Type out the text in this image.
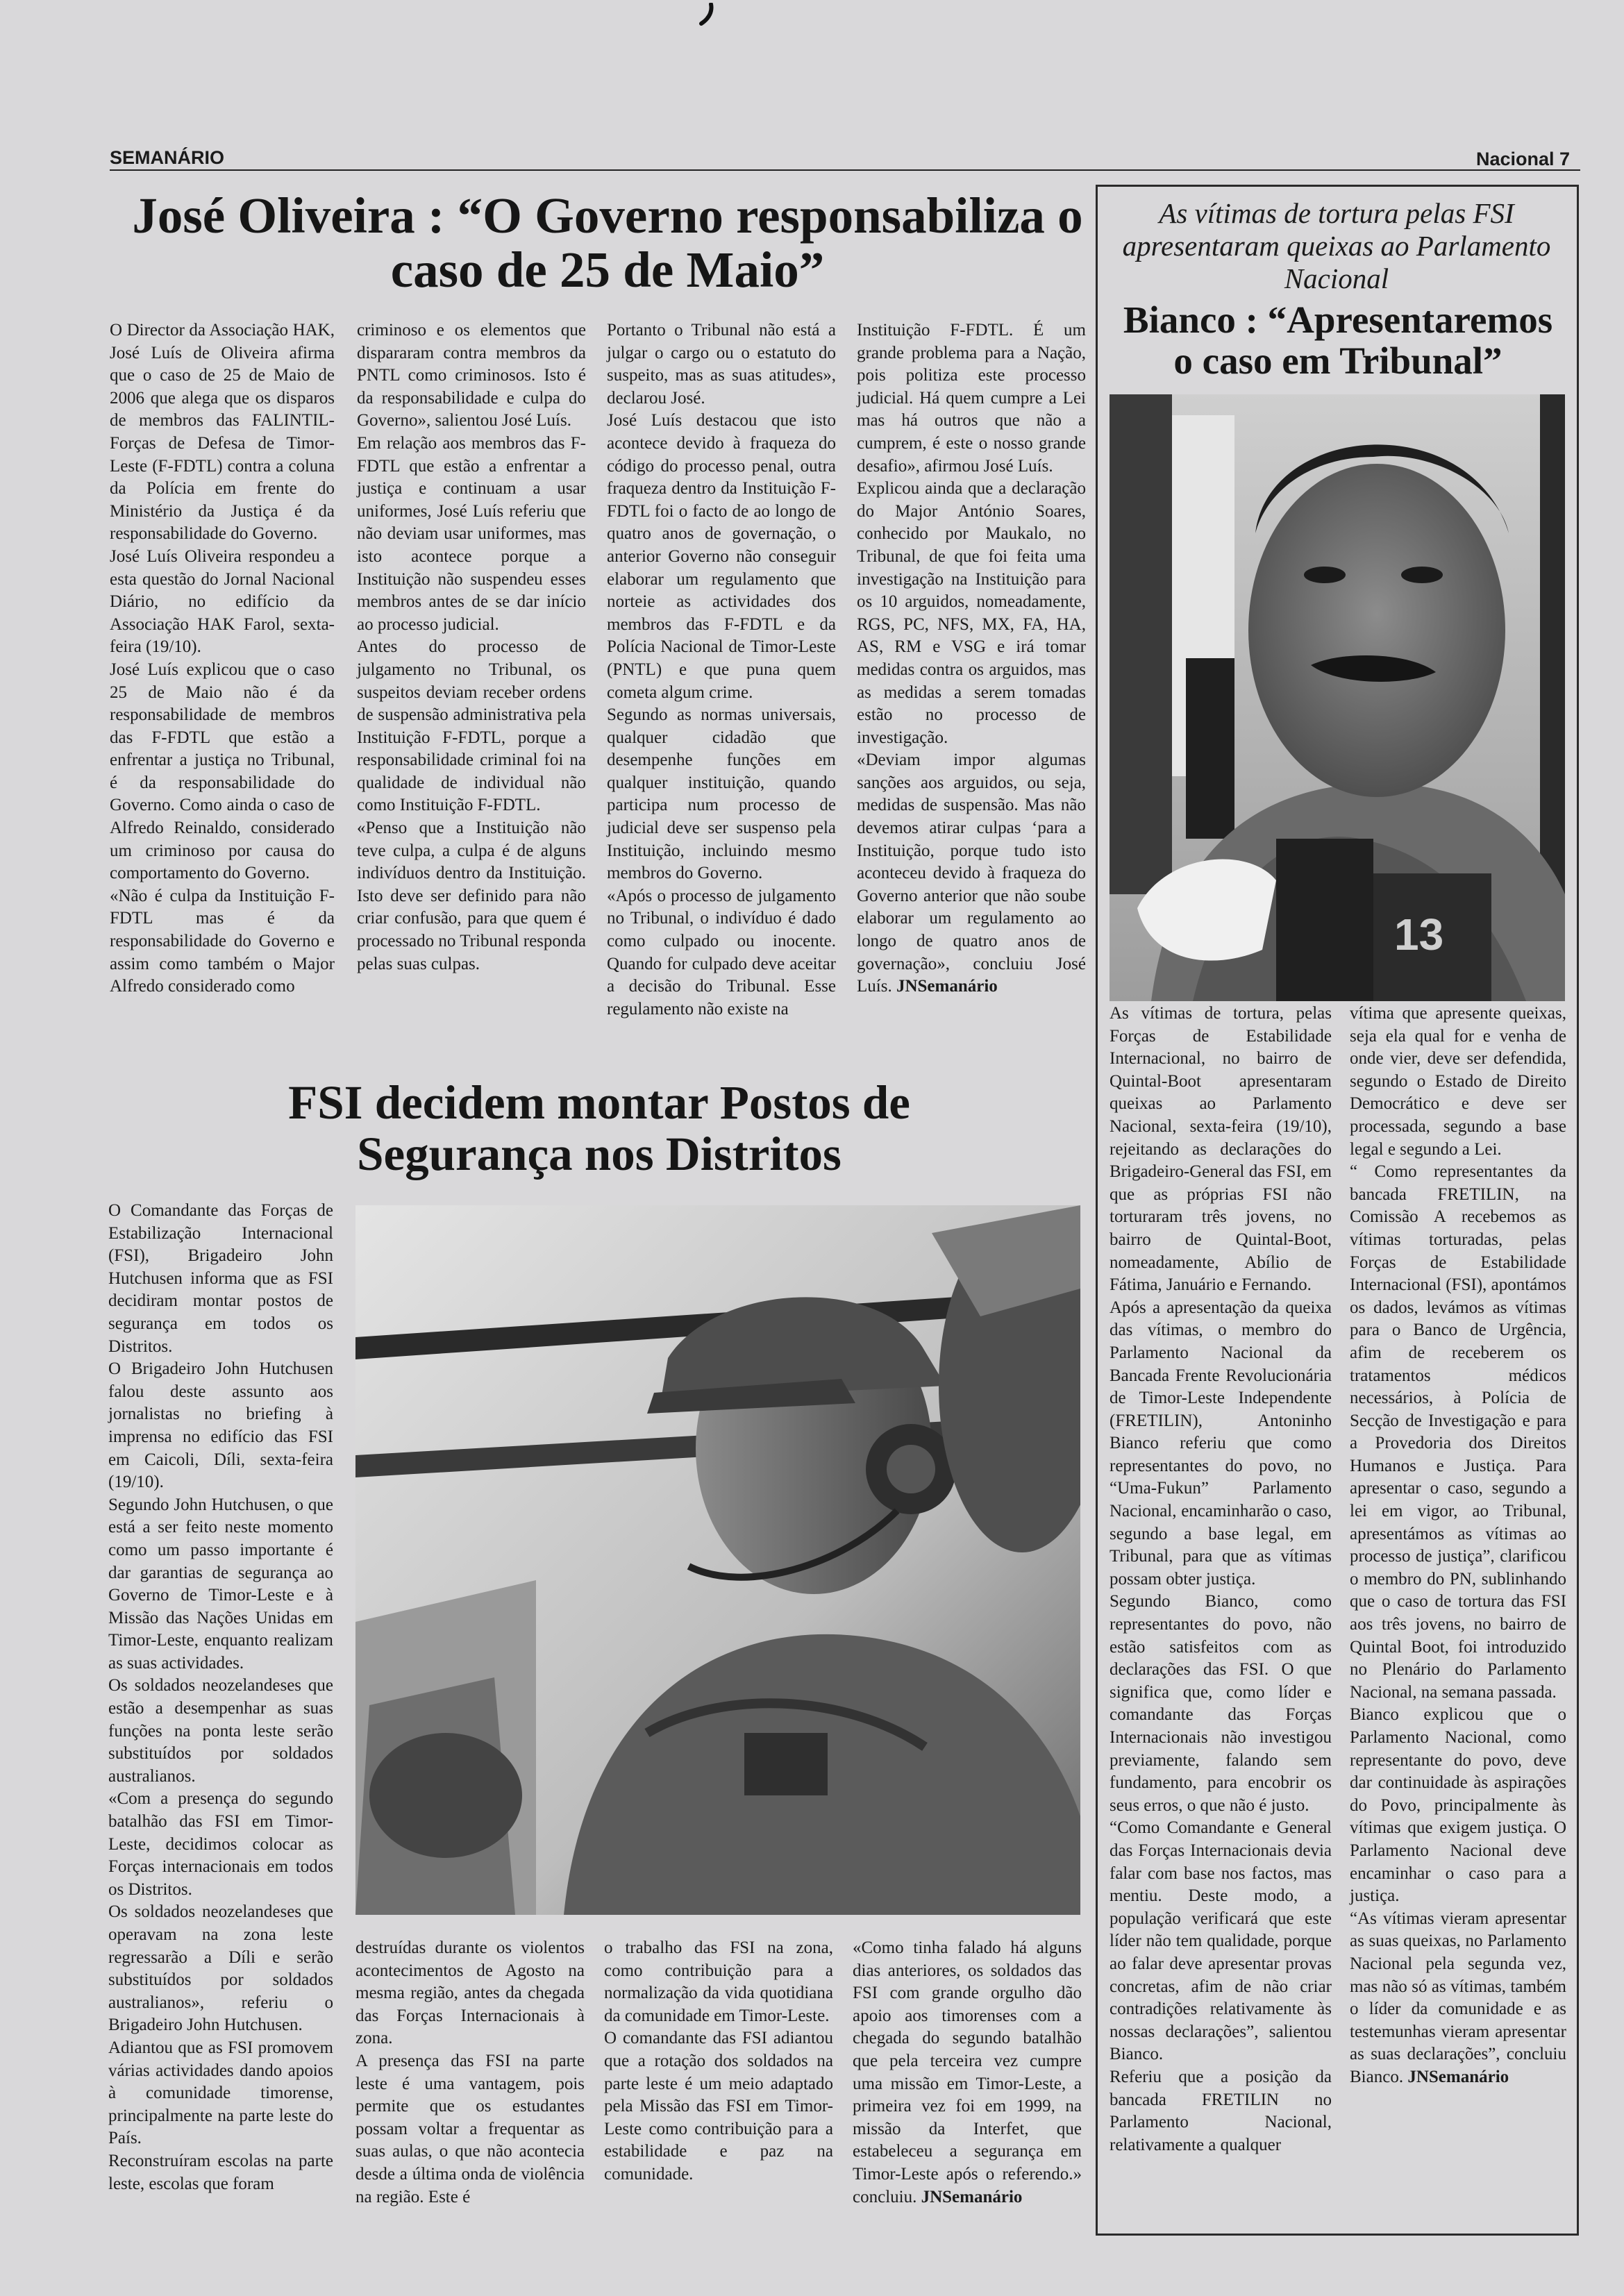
SEMANÁRIO	Nacional 7
José Oliveira : “O Governo responsabiliza o caso de 25 de Maio”

O Director da Associação HAK, José Luís de Oliveira afirma que o caso de 25 de Maio de 2006 que alega que os disparos de membros das FALINTIL- Forças de Defesa de Timor-Leste (F-FDTL) contra a coluna da Polícia em frente do Ministério da Justiça é da responsabilidade do Governo.

José Luís Oliveira respondeu a esta questão do Jornal Nacional Diário, no edifício da Associação HAK Farol, sexta-feira (19/10).

José Luís explicou que o caso 25 de Maio não é da responsabilidade de membros das F-FDTL que estão a enfrentar a justiça no Tribunal, é da responsabilidade do Governo. Como ainda o caso de Alfredo Reinaldo, considerado um criminoso por causa do comportamento do Governo.

«Não é culpa da Instituição F-FDTL mas é da responsabilidade do Governo e assim como também o Major Alfredo considerado como

criminoso e os elementos que dispararam contra membros da PNTL como criminosos. Isto é da responsabilidade e culpa do Governo», salientou José Luís.

Em relação aos membros das F-FDTL que estão a enfrentar a justiça e continuam a usar uniformes, José Luís referiu que não deviam usar uniformes, mas isto acontece porque a Instituição não suspendeu esses membros antes de se dar início ao processo judicial.

Antes do processo de julgamento no Tribunal, os suspeitos deviam receber ordens de suspensão administrativa pela Instituição F-FDTL, porque a responsabilidade criminal foi na qualidade de individual não como Instituição F-FDTL.

«Penso que a Instituição não teve culpa, a culpa é de alguns indivíduos dentro da Instituição. Isto deve ser definido para não criar confusão, para que quem é processado no Tribunal responda pelas suas culpas.

Portanto o Tribunal não está a julgar o cargo ou o estatuto do suspeito, mas as suas atitudes», declarou José.

José Luís destacou que isto acontece devido à fraqueza do código do processo penal, outra fraqueza dentro da Instituição F-FDTL foi o facto de ao longo de quatro anos de governação, o anterior Governo não conseguir elaborar um regulamento que norteie as actividades dos membros das F-FDTL e da Polícia Nacional de Timor-Leste (PNTL) e que puna quem cometa algum crime.

Segundo as normas universais, qualquer cidadão que desempenhe funções em qualquer instituição, quando participa num processo de judicial deve ser suspenso pela Instituição, incluindo mesmo membros do Governo.

«Após o processo de julgamento no Tribunal, o indivíduo é dado como culpado ou inocente. Quando for culpado deve aceitar a decisão do Tribunal. Esse regulamento não existe na

Instituição F-FDTL. É um grande problema para a Nação, pois politiza este processo judicial. Há quem cumpre a Lei mas há outros que não a cumprem, é este o nosso grande desafio», afirmou José Luís.

Explicou ainda que a declaração do Major António Soares, conhecido por Maukalo, no Tribunal, de que foi feita uma investigação na Instituição para os 10 arguidos, nomeadamente, RGS, PC, NFS, MX, FA, HA, AS, RM e VSG e irá tomar medidas contra os arguidos, mas as medidas a serem tomadas estão no processo de investigação.

«Deviam impor algumas sanções aos arguidos, ou seja, medidas de suspensão. Mas não devemos atirar culpas ‘para a Instituição, porque tudo isto aconteceu devido à fraqueza do Governo anterior que não soube elaborar um regulamento ao longo de quatro anos de governação», concluiu José Luís. JNSemanário

FSI decidem montar Postos de
Segurança nos Distritos

O Comandante das Forças de Estabilização Internacional (FSI), Brigadeiro John Hutchusen informa que as FSI decidiram montar postos de segurança em todos os Distritos.

O Brigadeiro John Hutchusen falou deste assunto aos jornalistas no briefing à imprensa no edifício das FSI em Caicoli, Díli, sexta-feira (19/10).

Segundo John Hutchusen, o que está a ser feito neste momento como um passo importante é dar garantias de segurança ao Governo de Timor-Leste e à Missão das Nações Unidas em Timor-Leste, enquanto realizam as suas actividades.

Os soldados neozelandeses que estão a desempenhar as suas funções na ponta leste serão substituídos por soldados australianos.

«Com a presença do segundo batalhão das FSI em Timor-Leste, decidimos colocar as Forças internacionais em todos os Distritos.

Os soldados neozelandeses que operavam na zona leste regressarão a Díli e serão substituídos por soldados australianos», referiu o Brigadeiro John Hutchusen.

Adiantou que as FSI promovem várias actividades dando apoios à comunidade timorense, principalmente na parte leste do País.

Reconstruíram escolas na parte leste, escolas que foram

destruídas durante os violentos acontecimentos de Agosto na mesma região, antes da chegada das Forças Internacionais à zona.

A presença das FSI na parte leste é uma vantagem, pois permite que os estudantes possam voltar a frequentar as suas aulas, o que não acontecia desde a última onda de violência na região. Este é

o trabalho das FSI na zona, como contribuição para a normalização da vida quotidiana da comunidade em Timor-Leste.

O comandante das FSI adiantou que a rotação dos soldados na parte leste é um meio adaptado pela Missão das FSI em Timor-Leste como contribuição para a estabilidade e paz na comunidade.

«Como tinha falado há alguns dias anteriores, os soldados das FSI com grande orgulho dão apoio aos timorenses com a chegada do segundo batalhão que pela terceira vez cumpre uma missão em Timor-Leste, a primeira vez foi em 1999, na missão da Interfet, que estabeleceu a segurança em Timor-Leste após o referendo.» concluiu. JNSemanário

As vítimas de tortura pelas FSI apresentaram queixas ao Parlamento Nacional
Bianco : “Apresentaremos
o caso em Tribunal”
13

As vítimas de tortura, pelas Forças de Estabilidade Internacional, no bairro de Quintal-Boot apresentaram queixas ao Parlamento Nacional, sexta-feira (19/10), rejeitando as declarações do Brigadeiro-General das FSI, em que as próprias FSI não torturaram três jovens, no bairro de Quintal-Boot, nomeadamente, Abílio de Fátima, Januário e Fernando.

Após a apresentação da queixa das vítimas, o membro do Parlamento Nacional da Bancada Frente Revolucionária de Timor-Leste Independente (FRETILIN), Antoninho Bianco referiu que como representantes do povo, no “Uma-Fukun” Parlamento Nacional, encaminharão o caso, segundo a base legal, em Tribunal, para que as vítimas possam obter justiça.

Segundo Bianco, como representantes do povo, não estão satisfeitos com as declarações das FSI. O que significa que, como líder e comandante das Forças Internacionais não investigou previamente, falando sem fundamento, para encobrir os seus erros, o que não é justo.

“Como Comandante e General das Forças Internacionais devia falar com base nos factos, mas mentiu. Deste modo, a população verificará que este líder não tem qualidade, porque ao falar deve apresentar provas concretas, afim de não criar contradições relativamente às nossas declarações”, salientou Bianco.

Referiu que a posição da bancada FRETILIN no Parlamento Nacional, relativamente a qualquer

vítima que apresente queixas, seja ela qual for e venha de onde vier, deve ser defendida, segundo o Estado de Direito Democrático e deve ser processada, segundo a base legal e segundo a Lei.

“ Como representantes da bancada FRETILIN, na Comissão A recebemos as vítimas torturadas, pelas Forças de Estabilidade Internacional (FSI), apontámos os dados, levámos as vítimas para o Banco de Urgência, afim de receberem os tratamentos médicos necessários, à Polícia de Secção de Investigação e para a Provedoria dos Direitos Humanos e Justiça. Para apresentar o caso, segundo a lei em vigor, ao Tribunal, apresentámos as vítimas ao processo de justiça”, clarificou o membro do PN, sublinhando que o caso de tortura das FSI aos três jovens, no bairro de Quintal Boot, foi introduzido no Plenário do Parlamento Nacional, na semana passada.

Bianco explicou que o Parlamento Nacional, como representante do povo, deve dar continuidade às aspirações do Povo, principalmente às vítimas que exigem justiça. O Parlamento Nacional deve encaminhar o caso para a justiça.

“As vítimas vieram apresentar as suas queixas, no Parlamento Nacional pela segunda vez, mas não só as vítimas, também o líder da comunidade e as testemunhas vieram apresentar as suas declarações”, concluiu Bianco. JNSemanário
